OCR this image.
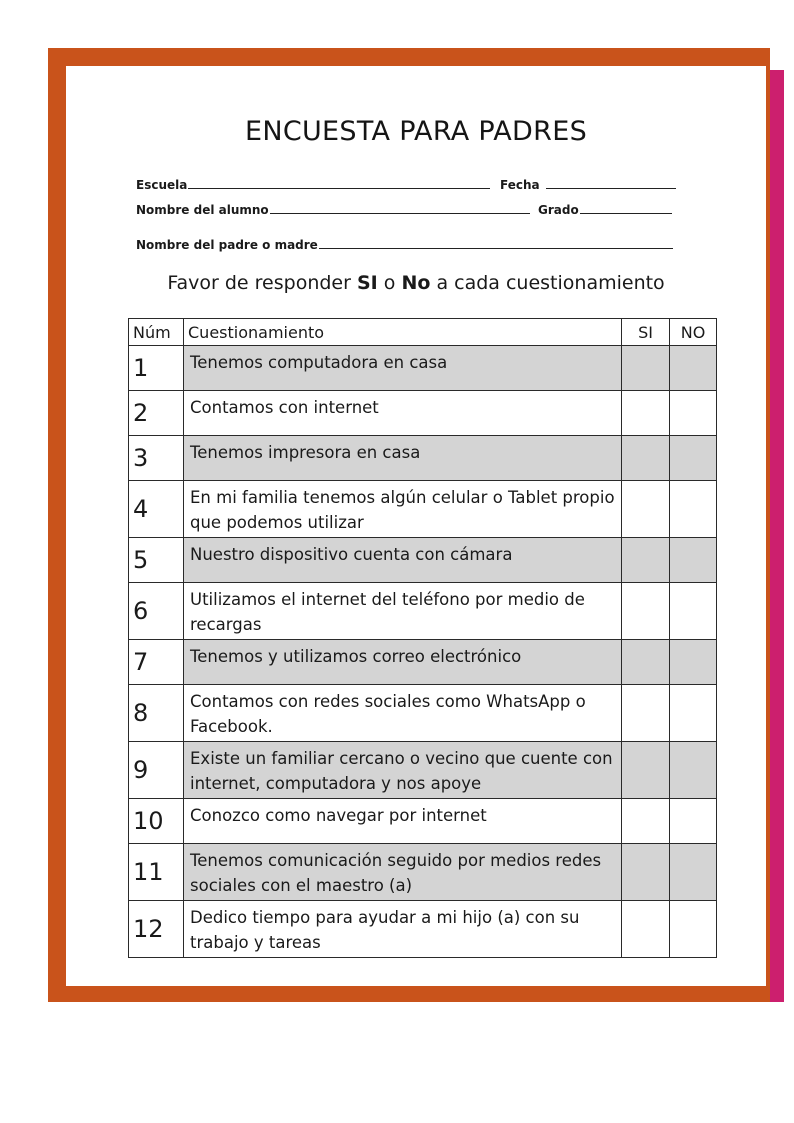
ENCUESTA PARA PADRES
Escuela	Fecha
Nombre del alumno	Grado
Nombre del padre o madre
Favor de responder SI o No a cada cuestionamiento
Núm	Cuestionamiento	SI	NO
1	Tenemos computadora en casa		
2	Contamos con internet		
3	Tenemos impresora en casa		
4	En mi familia tenemos algún celular o Tablet propio que podemos utilizar		
5	Nuestro dispositivo cuenta con cámara		
6	Utilizamos el internet del teléfono por medio de recargas		
7	Tenemos y utilizamos correo electrónico		
8	Contamos con redes sociales como WhatsApp o Facebook.		
9	Existe un familiar cercano o vecino que cuente con internet, computadora y nos apoye		
10	Conozco como navegar por internet		
11	Tenemos comunicación seguido por medios redes sociales con el maestro (a)		
12	Dedico tiempo para ayudar a mi hijo (a) con su trabajo y tareas		
